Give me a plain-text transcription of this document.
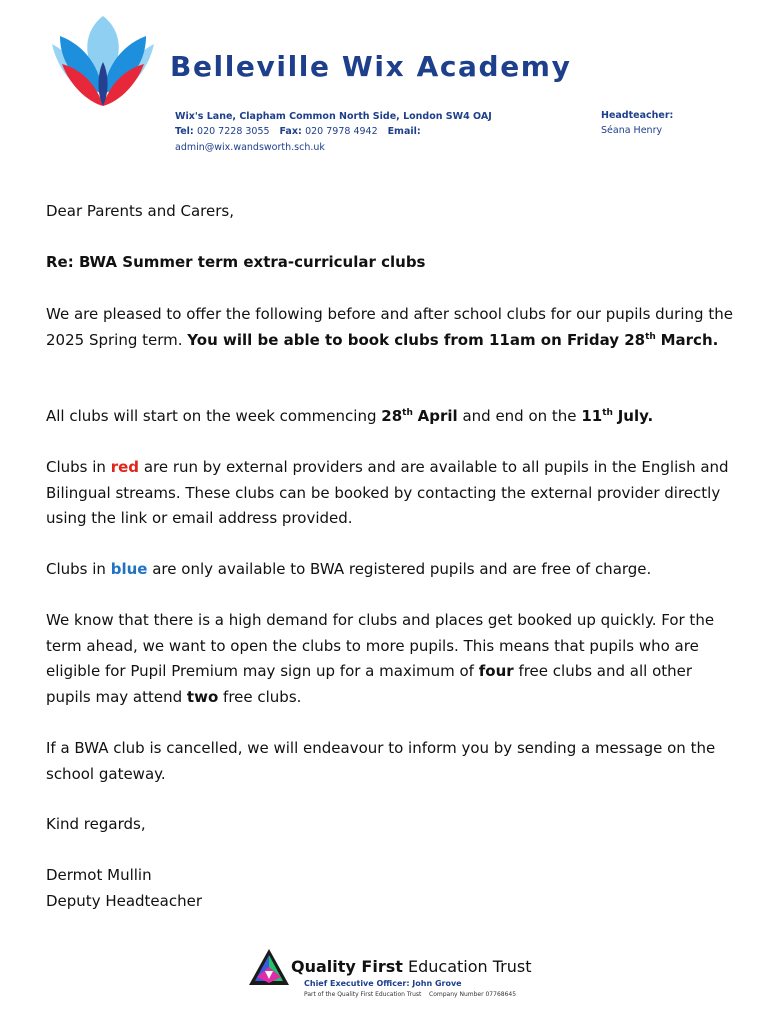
Belleville Wix Academy
Wix's Lane, Clapham Common North Side, London SW4 OAJ
Tel: 020 7228 3055 Fax: 020 7978 4942 Email:
admin@wix.wandsworth.sch.uk
Headteacher:
Séana Henry

Dear Parents and Carers,

Re: BWA Summer term extra-curricular clubs

We are pleased to offer the following before and after school clubs for our pupils during the 2025 Spring term. You will be able to book clubs from 11am on Friday 28th March.

All clubs will start on the week commencing 28th April and end on the 11th July.

Clubs in red are run by external providers and are available to all pupils in the English and Bilingual streams. These clubs can be booked by contacting the external provider directly using the link or email address provided.

Clubs in blue are only available to BWA registered pupils and are free of charge.

We know that there is a high demand for clubs and places get booked up quickly. For the term ahead, we want to open the clubs to more pupils. This means that pupils who are eligible for Pupil Premium may sign up for a maximum of four free clubs and all other pupils may attend two free clubs.

If a BWA club is cancelled, we will endeavour to inform you by sending a message on the school gateway.

Kind regards,

Dermot Mullin

Deputy Headteacher

Quality First Education Trust
Chief Executive Officer: John Grove
Part of the Quality First Education Trust Company Number 07768645
